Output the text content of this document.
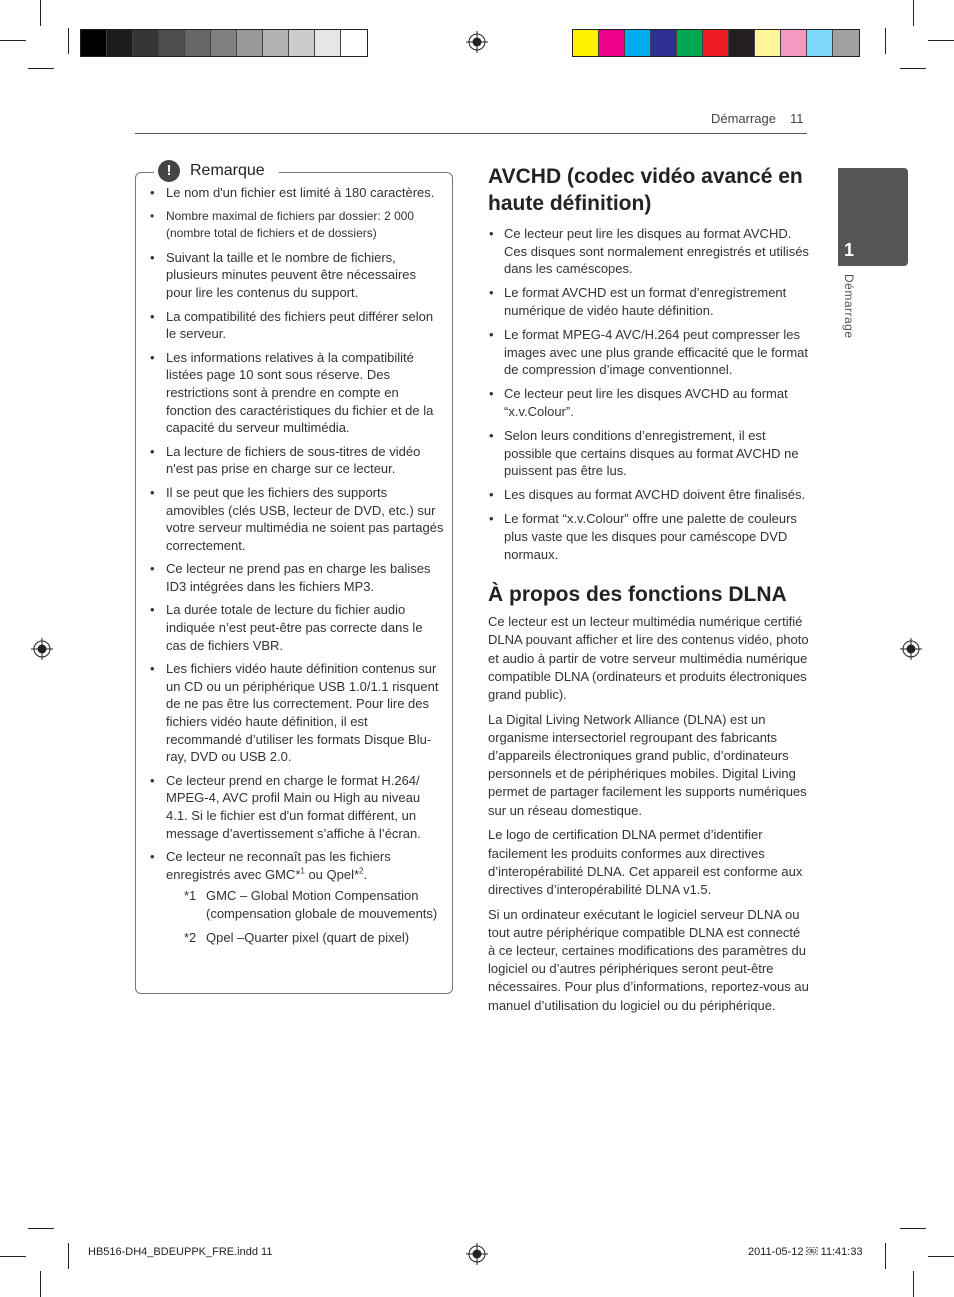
Démarrage 11
1
Démarrage
!	Remarque
• Le nom d'un fichier est limité à 180 caractères.
• Nombre maximal de fichiers par dossier: 2 000 (nombre total de fichiers et de dossiers)
• Suivant la taille et le nombre de fichiers, plusieurs minutes peuvent être nécessaires pour lire les contenus du support.
• La compatibilité des fichiers peut différer selon le serveur.
• Les informations relatives à la compatibilité listées page 10 sont sous réserve. Des restrictions sont à prendre en compte en fonction des caractéristiques du fichier et de la capacité du serveur multimédia.
• La lecture de fichiers de sous-titres de vidéo n'est pas prise en charge sur ce lecteur.
• Il se peut que les fichiers des supports amovibles (clés USB, lecteur de DVD, etc.) sur votre serveur multimédia ne soient pas partagés correctement.
• Ce lecteur ne prend pas en charge les balises ID3 intégrées dans les fichiers MP3.
• La durée totale de lecture du fichier audio indiquée n’est peut-être pas correcte dans le cas de fichiers VBR.
• Les fichiers vidéo haute définition contenus sur un CD ou un périphérique USB 1.0/1.1 risquent de ne pas être lus correctement. Pour lire des fichiers vidéo haute définition, il est recommandé d’utiliser les formats Disque Blu-ray, DVD ou USB 2.0.
• Ce lecteur prend en charge le format H.264/ MPEG-4, AVC profil Main ou High au niveau 4.1. Si le fichier est d'un format différent, un message d’avertissement s’affiche à l’écran.
• Ce lecteur ne reconnaît pas les fichiers enregistrés avec GMC*$^1$ ou Qpel*$^2$.
*1 GMC – Global Motion Compensation (compensation globale de mouvements)
*2 Qpel –Quarter pixel (quart de pixel)
AVCHD (codec vidéo avancé en haute définition)
• Ce lecteur peut lire les disques au format AVCHD. Ces disques sont normalement enregistrés et utilisés dans les caméscopes.
• Le format AVCHD est un format d’enregistrement numérique de vidéo haute définition.
• Le format MPEG-4 AVC/H.264 peut compresser les images avec une plus grande efficacité que le format de compression d’image conventionnel.
• Ce lecteur peut lire les disques AVCHD au format “x.v.Colour”.
• Selon leurs conditions d’enregistrement, il est possible que certains disques au format AVCHD ne puissent pas être lus.
• Les disques au format AVCHD doivent être finalisés.
• Le format “x.v.Colour” offre une palette de couleurs plus vaste que les disques pour caméscope DVD normaux.
À propos des fonctions DLNA

Ce lecteur est un lecteur multimédia numérique certifié DLNA pouvant afficher et lire des contenus vidéo, photo et audio à partir de votre serveur multimédia numérique compatible DLNA (ordinateurs et produits électroniques grand public).

La Digital Living Network Alliance (DLNA) est un organisme intersectoriel regroupant des fabricants d’appareils électroniques grand public, d’ordinateurs personnels et de périphériques mobiles. Digital Living permet de partager facilement les supports numériques sur un réseau domestique.

Le logo de certification DLNA permet d’identifier facilement les produits conformes aux directives d’interopérabilité DLNA. Cet appareil est conforme aux directives d’interopérabilité DLNA v1.5.

Si un ordinateur exécutant le logiciel serveur DLNA ou tout autre périphérique compatible DLNA est connecté à ce lecteur, certaines modifications des paramètres du logiciel ou d’autres périphériques seront peut-être nécessaires. Pour plus d’informations, reportez-vous au manuel d’utilisation du logiciel ou du périphérique.

HB516-DH4_BDEUPPK_FRE.indd 11	2011-05-12 ￼ 11:41:33
